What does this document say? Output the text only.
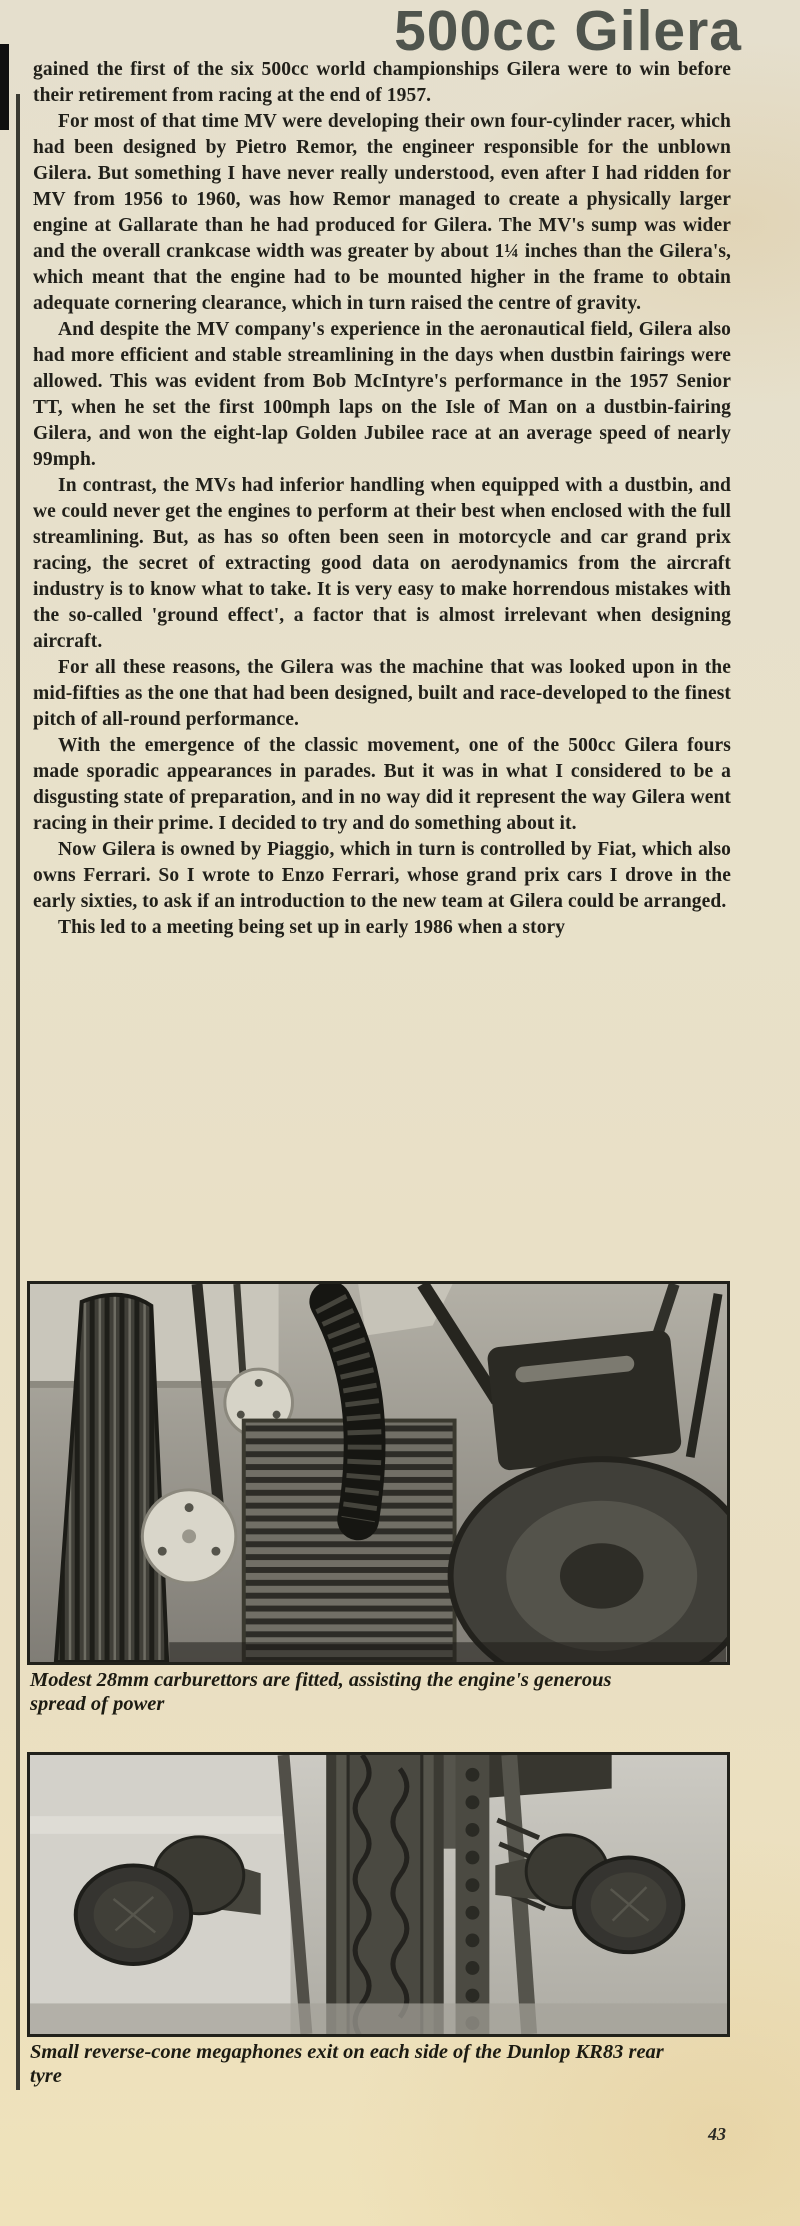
500cc Gilera

gained the first of the six 500cc world championships Gilera were to win before their retirement from racing at the end of 1957.

For most of that time MV were developing their own four-cylinder racer, which had been designed by Pietro Remor, the engineer responsible for the unblown Gilera. But something I have never really understood, even after I had ridden for MV from 1956 to 1960, was how Remor managed to create a physically larger engine at Gallarate than he had produced for Gilera. The MV's sump was wider and the overall crankcase width was greater by about 1¼ inches than the Gilera's, which meant that the engine had to be mounted higher in the frame to obtain adequate cornering clearance, which in turn raised the centre of gravity.

And despite the MV company's experience in the aeronautical field, Gilera also had more efficient and stable streamlining in the days when dustbin fairings were allowed. This was evident from Bob McIntyre's performance in the 1957 Senior TT, when he set the first 100mph laps on the Isle of Man on a dustbin-fairing Gilera, and won the eight-lap Golden Jubilee race at an average speed of nearly 99mph.

In contrast, the MVs had inferior handling when equipped with a dustbin, and we could never get the engines to perform at their best when enclosed with the full streamlining. But, as has so often been seen in motorcycle and car grand prix racing, the secret of extracting good data on aerodynamics from the aircraft industry is to know what to take. It is very easy to make horrendous mistakes with the so-called 'ground effect', a factor that is almost irrelevant when designing aircraft.

For all these reasons, the Gilera was the machine that was looked upon in the mid-fifties as the one that had been designed, built and race-developed to the finest pitch of all-round performance.

With the emergence of the classic movement, one of the 500cc Gilera fours made sporadic appearances in parades. But it was in what I considered to be a disgusting state of preparation, and in no way did it represent the way Gilera went racing in their prime. I decided to try and do something about it.

Now Gilera is owned by Piaggio, which in turn is controlled by Fiat, which also owns Ferrari. So I wrote to Enzo Ferrari, whose grand prix cars I drove in the early sixties, to ask if an introduction to the new team at Gilera could be arranged.

This led to a meeting being set up in early 1986 when a story

Modest 28mm carburettors are fitted, assisting the engine's generous spread of power
Small reverse-cone megaphones exit on each side of the Dunlop KR83 rear tyre
43
